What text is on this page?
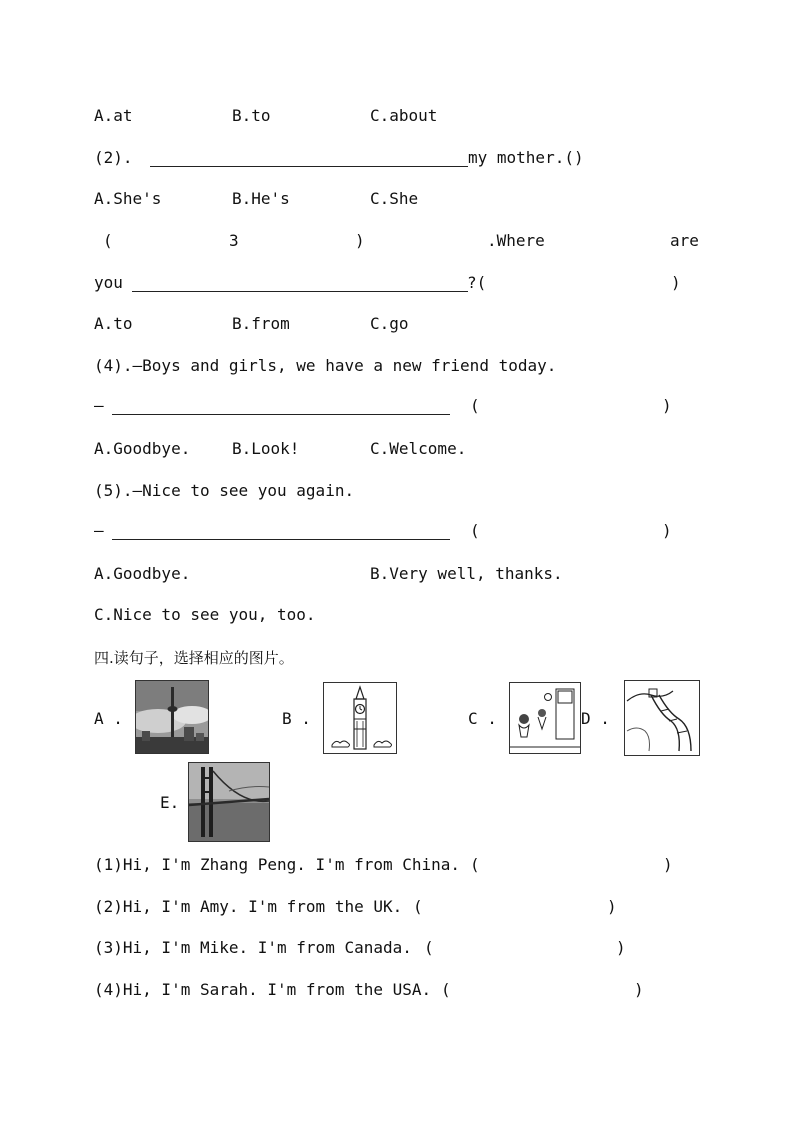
A.at	B.to	C.about
(2).	my mother.()
A.She's	B.He's	C.She
(	3	)	.Where	are
you	?(	)
A.to	B.from	C.go
(4).—Boys and girls, we have a new friend today.
—	(	)
A.Goodbye.	B.Look!	C.Welcome.
(5).—Nice to see you again.
—	(	)
A.Goodbye.	B.Very well, thanks.
C.Nice to see you, too.
四.读句子，选择相应的图片。
A .	B .	C .	D .
E.
(1)Hi, I'm Zhang Peng. I'm from China. (	)
(2)Hi, I'm Amy. I'm from the UK. (	)
(3)Hi, I'm Mike. I'm from Canada. (	)
(4)Hi, I'm Sarah. I'm from the USA. (	)
